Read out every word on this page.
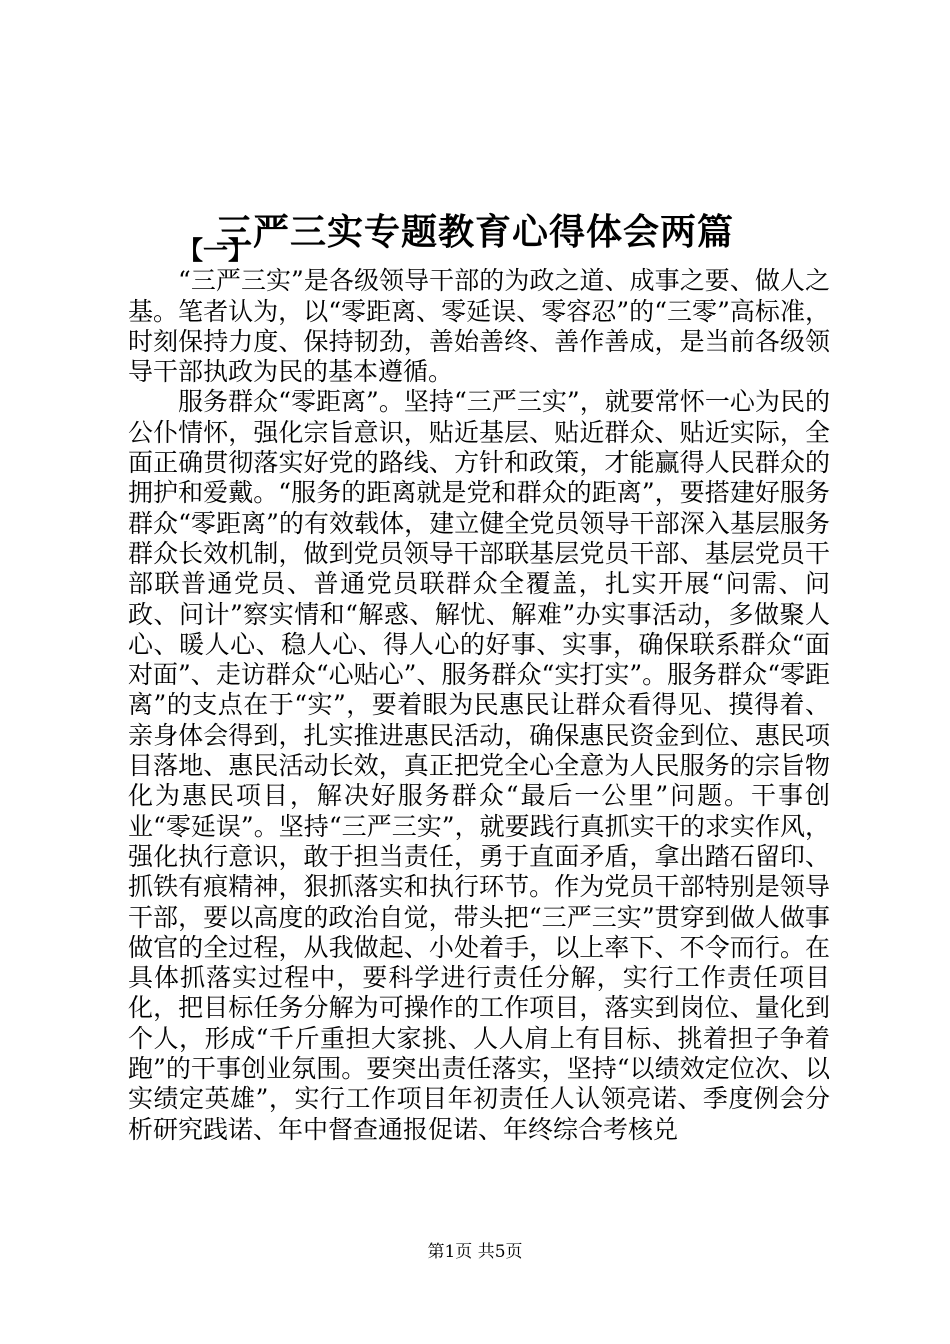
三严三实专题教育心得体会两篇

【一】

“三严三实”是各级领导干部的为政之道、成事之要、做人之基。笔者认为，以“零距离、零延误、零容忍”的“三零”高标准，时刻保持力度、保持韧劲，善始善终、善作善成，是当前各级领导干部执政为民的基本遵循。

服务群众“零距离”。坚持“三严三实”，就要常怀一心为民的公仆情怀，强化宗旨意识，贴近基层、贴近群众、贴近实际，全面正确贯彻落实好党的路线、方针和政策，才能赢得人民群众的拥护和爱戴。“服务的距离就是党和群众的距离”，要搭建好服务群众“零距离”的有效载体，建立健全党员领导干部深入基层服务群众长效机制，做到党员领导干部联基层党员干部、基层党员干部联普通党员、普通党员联群众全覆盖，扎实开展“问需、问政、问计”察实情和“解惑、解忧、解难”办实事活动，多做聚人心、暖人心、稳人心、得人心的好事、实事，确保联系群众“面对面”、走访群众“心贴心”、服务群众“实打实”。服务群众“零距离”的支点在于“实”，要着眼为民惠民让群众看得见、摸得着、亲身体会得到，扎实推进惠民活动，确保惠民资金到位、惠民项目落地、惠民活动长效，真正把党全心全意为人民服务的宗旨物化为惠民项目，解决好服务群众“最后一公里”问题。干事创业“零延误”。坚持“三严三实”，就要践行真抓实干的求实作风，强化执行意识，敢于担当责任，勇于直面矛盾，拿出踏石留印、抓铁有痕精神，狠抓落实和执行环节。作为党员干部特别是领导干部，要以高度的政治自觉，带头把“三严三实”贯穿到做人做事做官的全过程，从我做起、小处着手，以上率下、不令而行。在具体抓落实过程中，要科学进行责任分解，实行工作责任项目化，把目标任务分解为可操作的工作项目，落实到岗位、量化到个人，形成“千斤重担大家挑、人人肩上有目标、挑着担子争着跑”的干事创业氛围。要突出责任落实，坚持“以绩效定位次、以实绩定英雄”，实行工作项目年初责任人认领亮诺、季度例会分析研究践诺、年中督查通报促诺、年终综合考核兑

第1页 共5页
